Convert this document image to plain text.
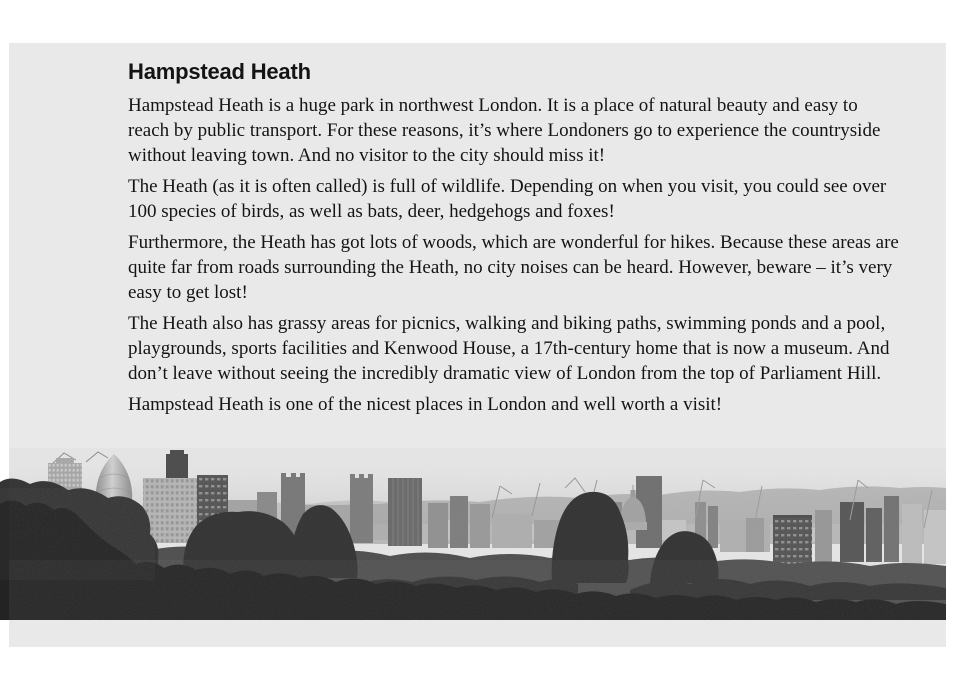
Hampstead Heath

Hampstead Heath is a huge park in northwest London. It is a place of natural beauty and easy to reach by public transport. For these reasons, it’s where Londoners go to experience the countryside without leaving town. And no visitor to the city should miss it!

The Heath (as it is often called) is full of wildlife. Depending on when you visit, you could see over 100 species of birds, as well as bats, deer, hedgehogs and foxes!

Furthermore, the Heath has got lots of woods, which are wonderful for hikes. Because these areas are quite far from roads surrounding the Heath, no city noises can be heard. However, beware – it’s very easy to get lost!

The Heath also has grassy areas for picnics, walking and biking paths, swimming ponds and a pool, playgrounds, sports facilities and Kenwood House, a 17th-century home that is now a museum. And don’t leave without seeing the incredibly dramatic view of London from the top of Parliament Hill.

Hampstead Heath is one of the nicest places in London and well worth a visit!
